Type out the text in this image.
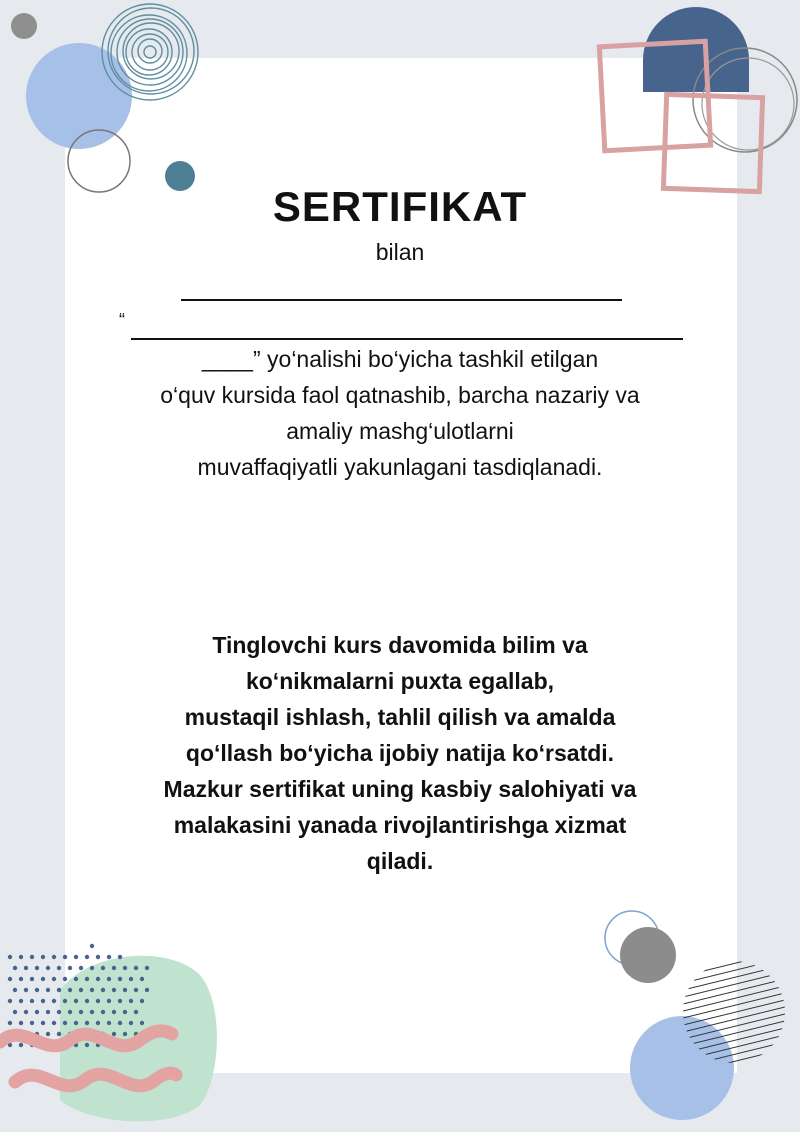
SERTIFIKAT
bilan
“
____” yo‘nalishi bo‘yicha tashkil etilgan
o‘quv kursida faol qatnashib, barcha nazariy va
amaliy mashg‘ulotlarni
muvaffaqiyatli yakunlagani tasdiqlanadi.
Tinglovchi kurs davomida bilim va
ko‘nikmalarni puxta egallab,
mustaqil ishlash, tahlil qilish va amalda
qo‘llash bo‘yicha ijobiy natija ko‘rsatdi.
Mazkur sertifikat uning kasbiy salohiyati va
malakasini yanada rivojlantirishga xizmat
qiladi.
